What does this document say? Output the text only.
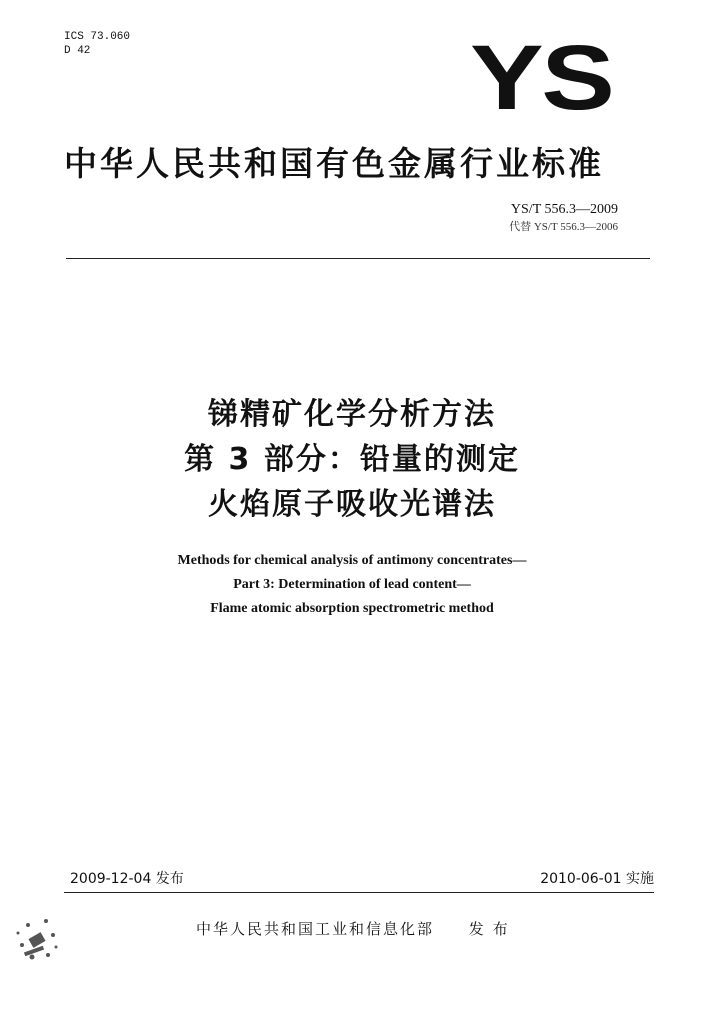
ICS 73.060
D 42	YS
中华人民共和国有色金属行业标准
YS/T 556.3—2009
代替 YS/T 556.3—2006
锑精矿化学分析方法
第 3 部分：铅量的测定
火焰原子吸收光谱法
Methods for chemical analysis of antimony concentrates—
Part 3: Determination of lead content—
Flame atomic absorption spectrometric method
2009-12-04 发布	2010-06-01 实施
中华人民共和国工业和信息化部 发 布
